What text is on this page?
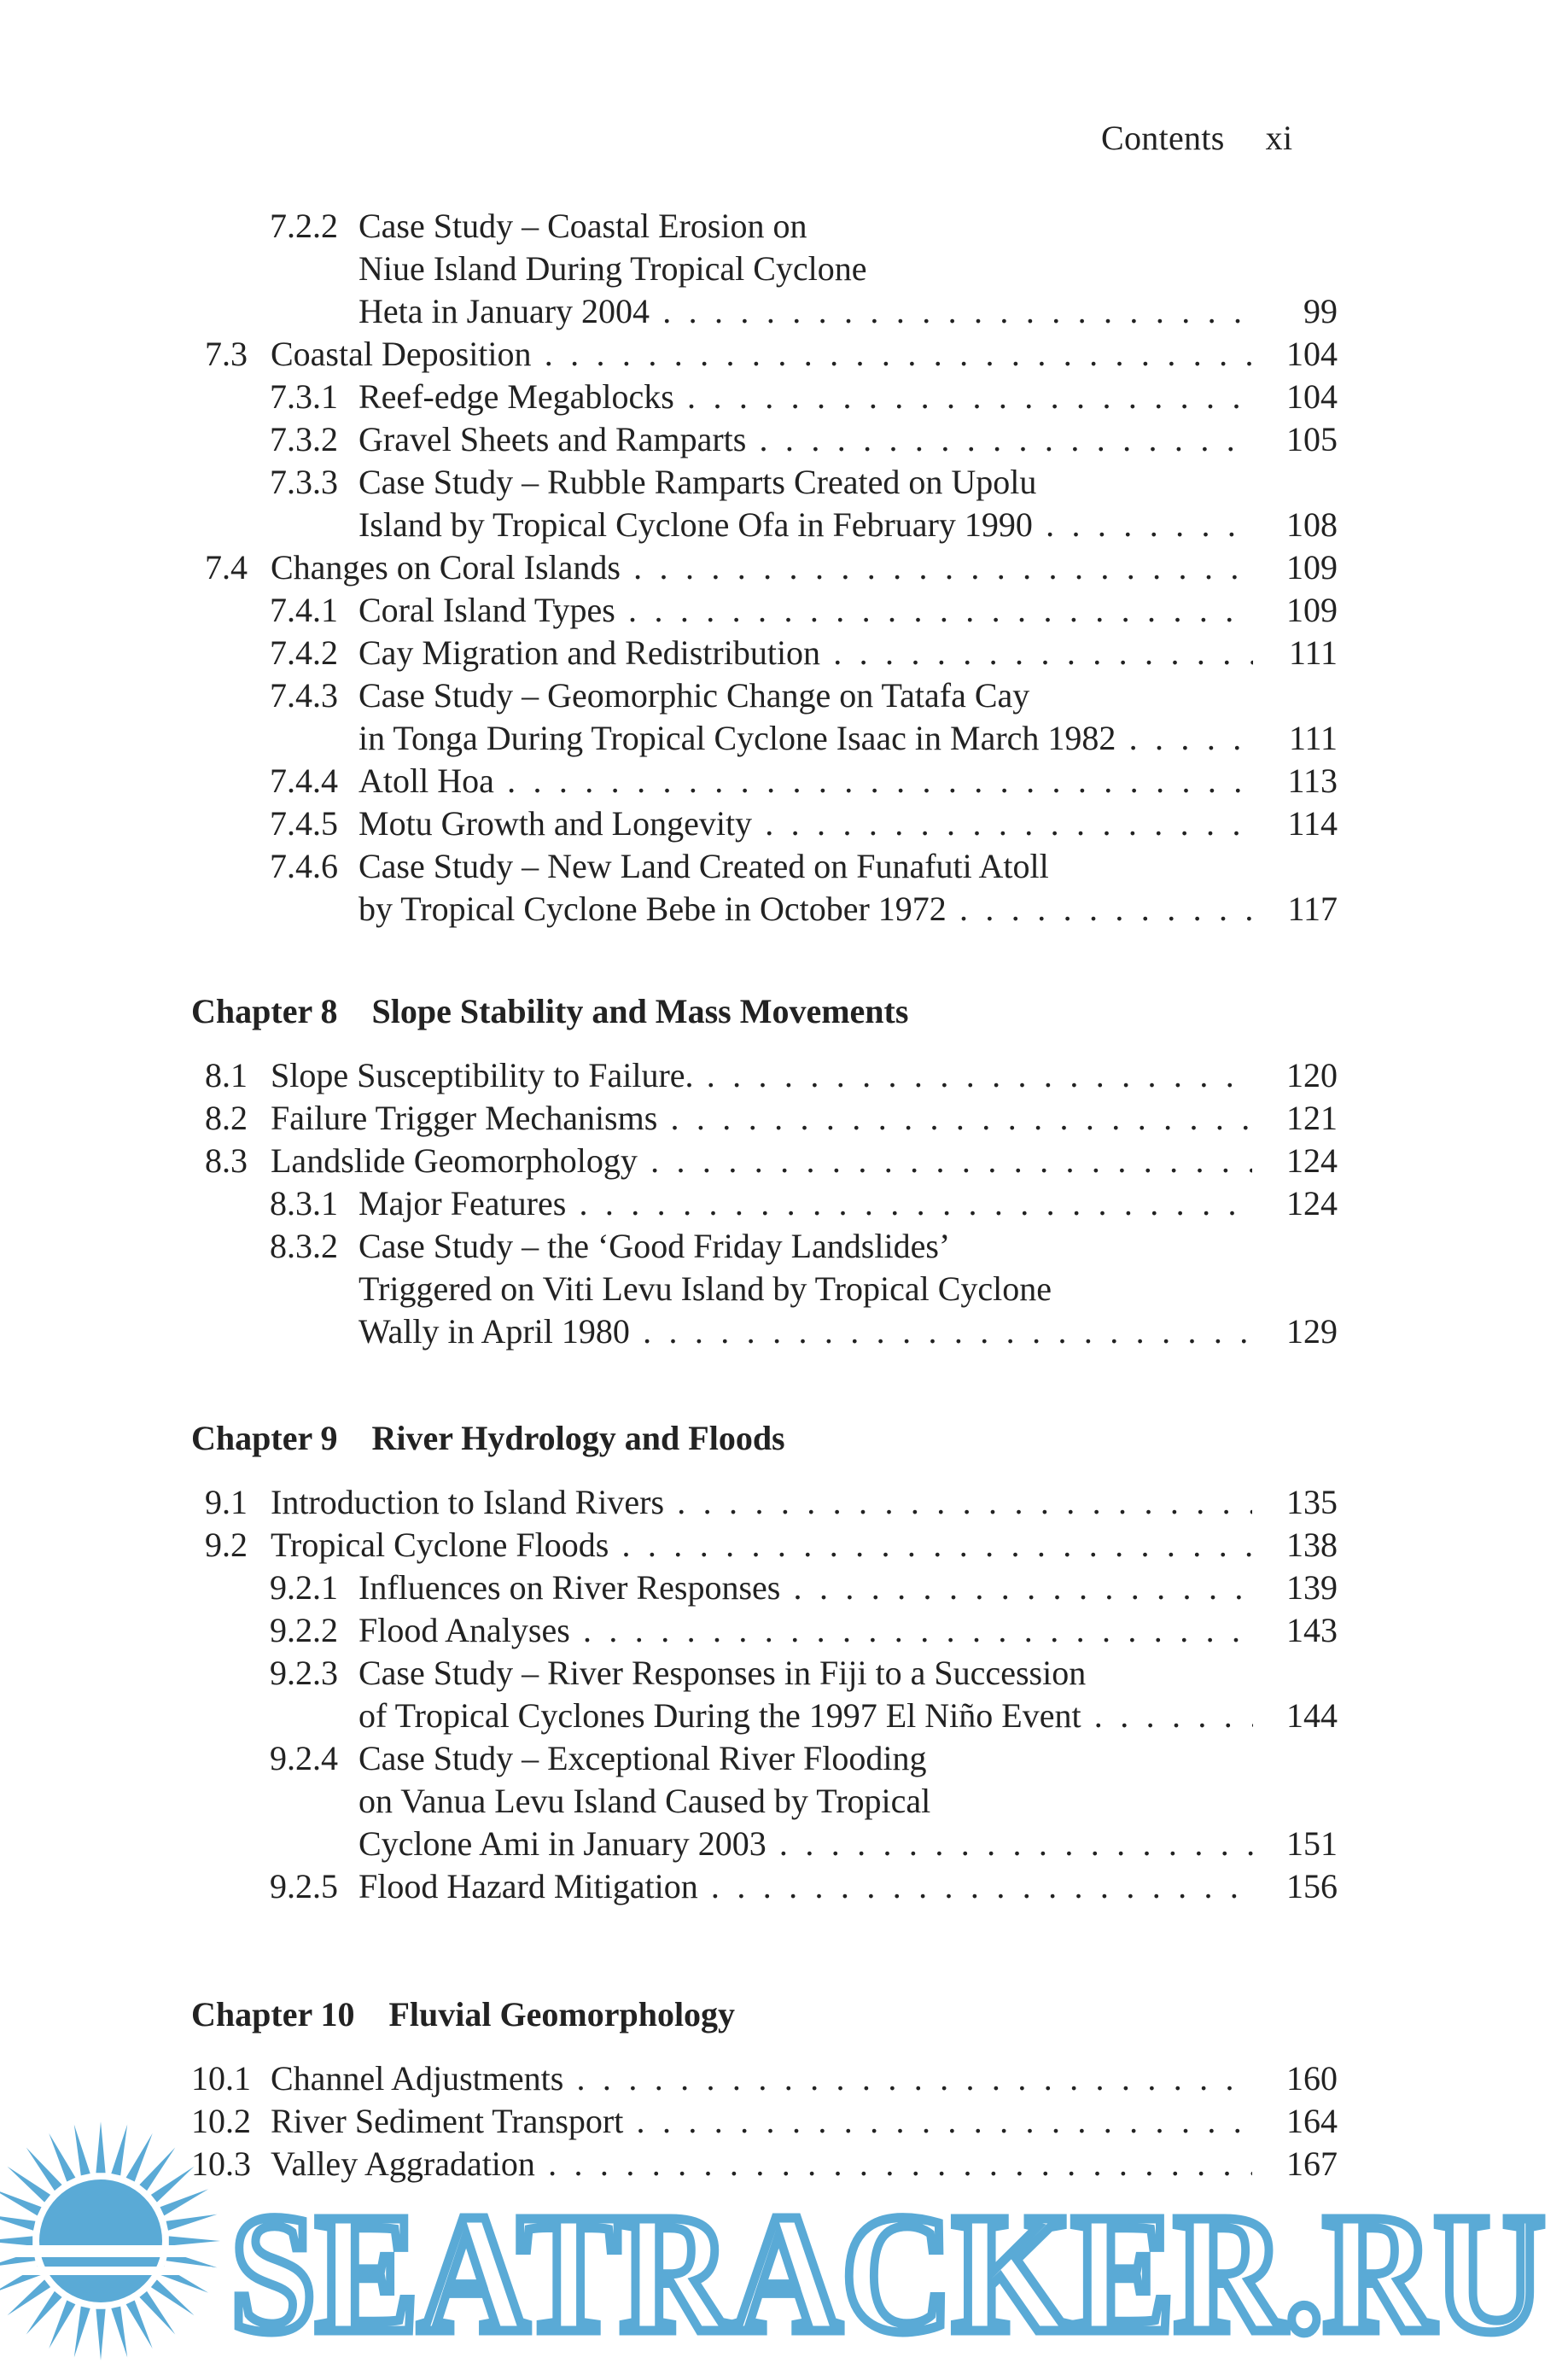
Contents xi
7.2.2 Case Study – Coastal Erosion on
Niue Island During Tropical Cyclone
Heta in January 2004 . . .	99
7.3 Coastal Deposition . . .	104
7.3.1 Reef-edge Megablocks . . .	104
7.3.2 Gravel Sheets and Ramparts . . .	105
7.3.3 Case Study – Rubble Ramparts Created on Upolu
Island by Tropical Cyclone Ofa in February 1990 . . .	108
7.4 Changes on Coral Islands . . .	109
7.4.1 Coral Island Types . . .	109
7.4.2 Cay Migration and Redistribution . . .	111
7.4.3 Case Study – Geomorphic Change on Tatafa Cay
in Tonga During Tropical Cyclone Isaac in March 1982 . . .	111
7.4.4 Atoll Hoa . . .	113
7.4.5 Motu Growth and Longevity . . .	114
7.4.6 Case Study – New Land Created on Funafuti Atoll
by Tropical Cyclone Bebe in October 1972 . . .	117
Chapter 8 Slope Stability and Mass Movements
8.1 Slope Susceptibility to Failure. . . .	120
8.2 Failure Trigger Mechanisms . . .	121
8.3 Landslide Geomorphology . . .	124
8.3.1 Major Features . . .	124
8.3.2 Case Study – the ‘Good Friday Landslides’
Triggered on Viti Levu Island by Tropical Cyclone
Wally in April 1980 . . .	129
Chapter 9 River Hydrology and Floods
9.1 Introduction to Island Rivers . . .	135
9.2 Tropical Cyclone Floods . . .	138
9.2.1 Influences on River Responses . . .	139
9.2.2 Flood Analyses . . .	143
9.2.3 Case Study – River Responses in Fiji to a Succession
of Tropical Cyclones During the 1997 El Niño Event . . .	144
9.2.4 Case Study – Exceptional River Flooding
on Vanua Levu Island Caused by Tropical
Cyclone Ami in January 2003 . . .	151
9.2.5 Flood Hazard Mitigation . . .	156
Chapter 10 Fluvial Geomorphology
10.1 Channel Adjustments . . .	160
10.2 River Sediment Transport . . .	164
10.3 Valley Aggradation . . .	167
SEATRACKER.RU
